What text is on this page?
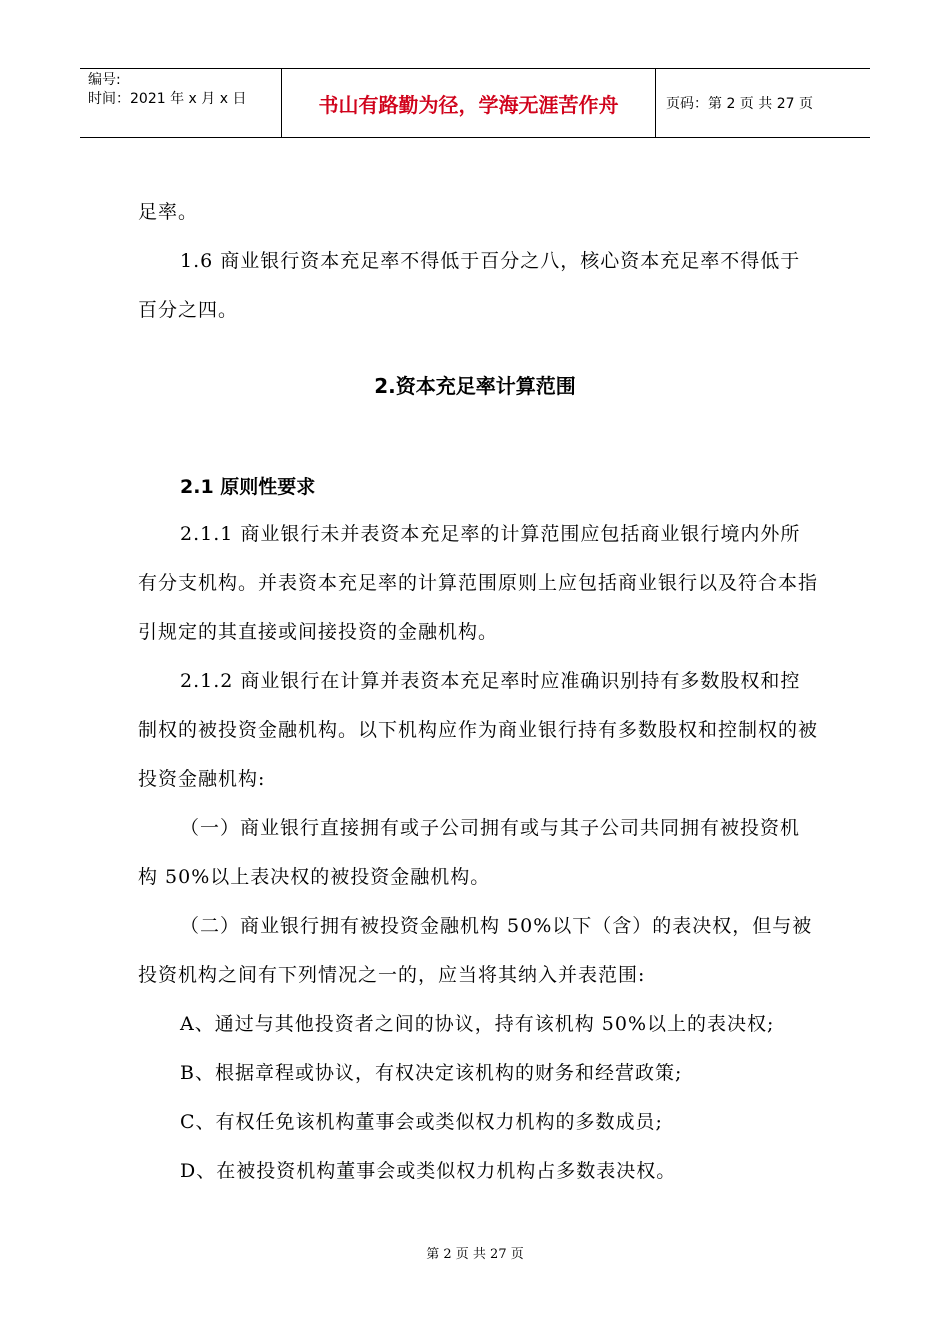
编号:
时间：2021 年 x 月 x 日	书山有路勤为径，学海无涯苦作舟	页码：第 2 页 共 27 页

足率。

1.6 商业银行资本充足率不得低于百分之八，核心资本充足率不得低于百分之四。

2.资本充足率计算范围
2.1 原则性要求

2.1.1 商业银行未并表资本充足率的计算范围应包括商业银行境内外所有分支机构。并表资本充足率的计算范围原则上应包括商业银行以及符合本指引规定的其直接或间接投资的金融机构。

2.1.2 商业银行在计算并表资本充足率时应准确识别持有多数股权和控制权的被投资金融机构。以下机构应作为商业银行持有多数股权和控制权的被投资金融机构:

（一）商业银行直接拥有或子公司拥有或与其子公司共同拥有被投资机构 50%以上表决权的被投资金融机构。

（二）商业银行拥有被投资金融机构 50%以下（含）的表决权，但与被投资机构之间有下列情况之一的，应当将其纳入并表范围:

A、通过与其他投资者之间的协议，持有该机构 50%以上的表决权;

B、根据章程或协议，有权决定该机构的财务和经营政策;

C、有权任免该机构董事会或类似权力机构的多数成员;

D、在被投资机构董事会或类似权力机构占多数表决权。

第 2 页 共 27 页
